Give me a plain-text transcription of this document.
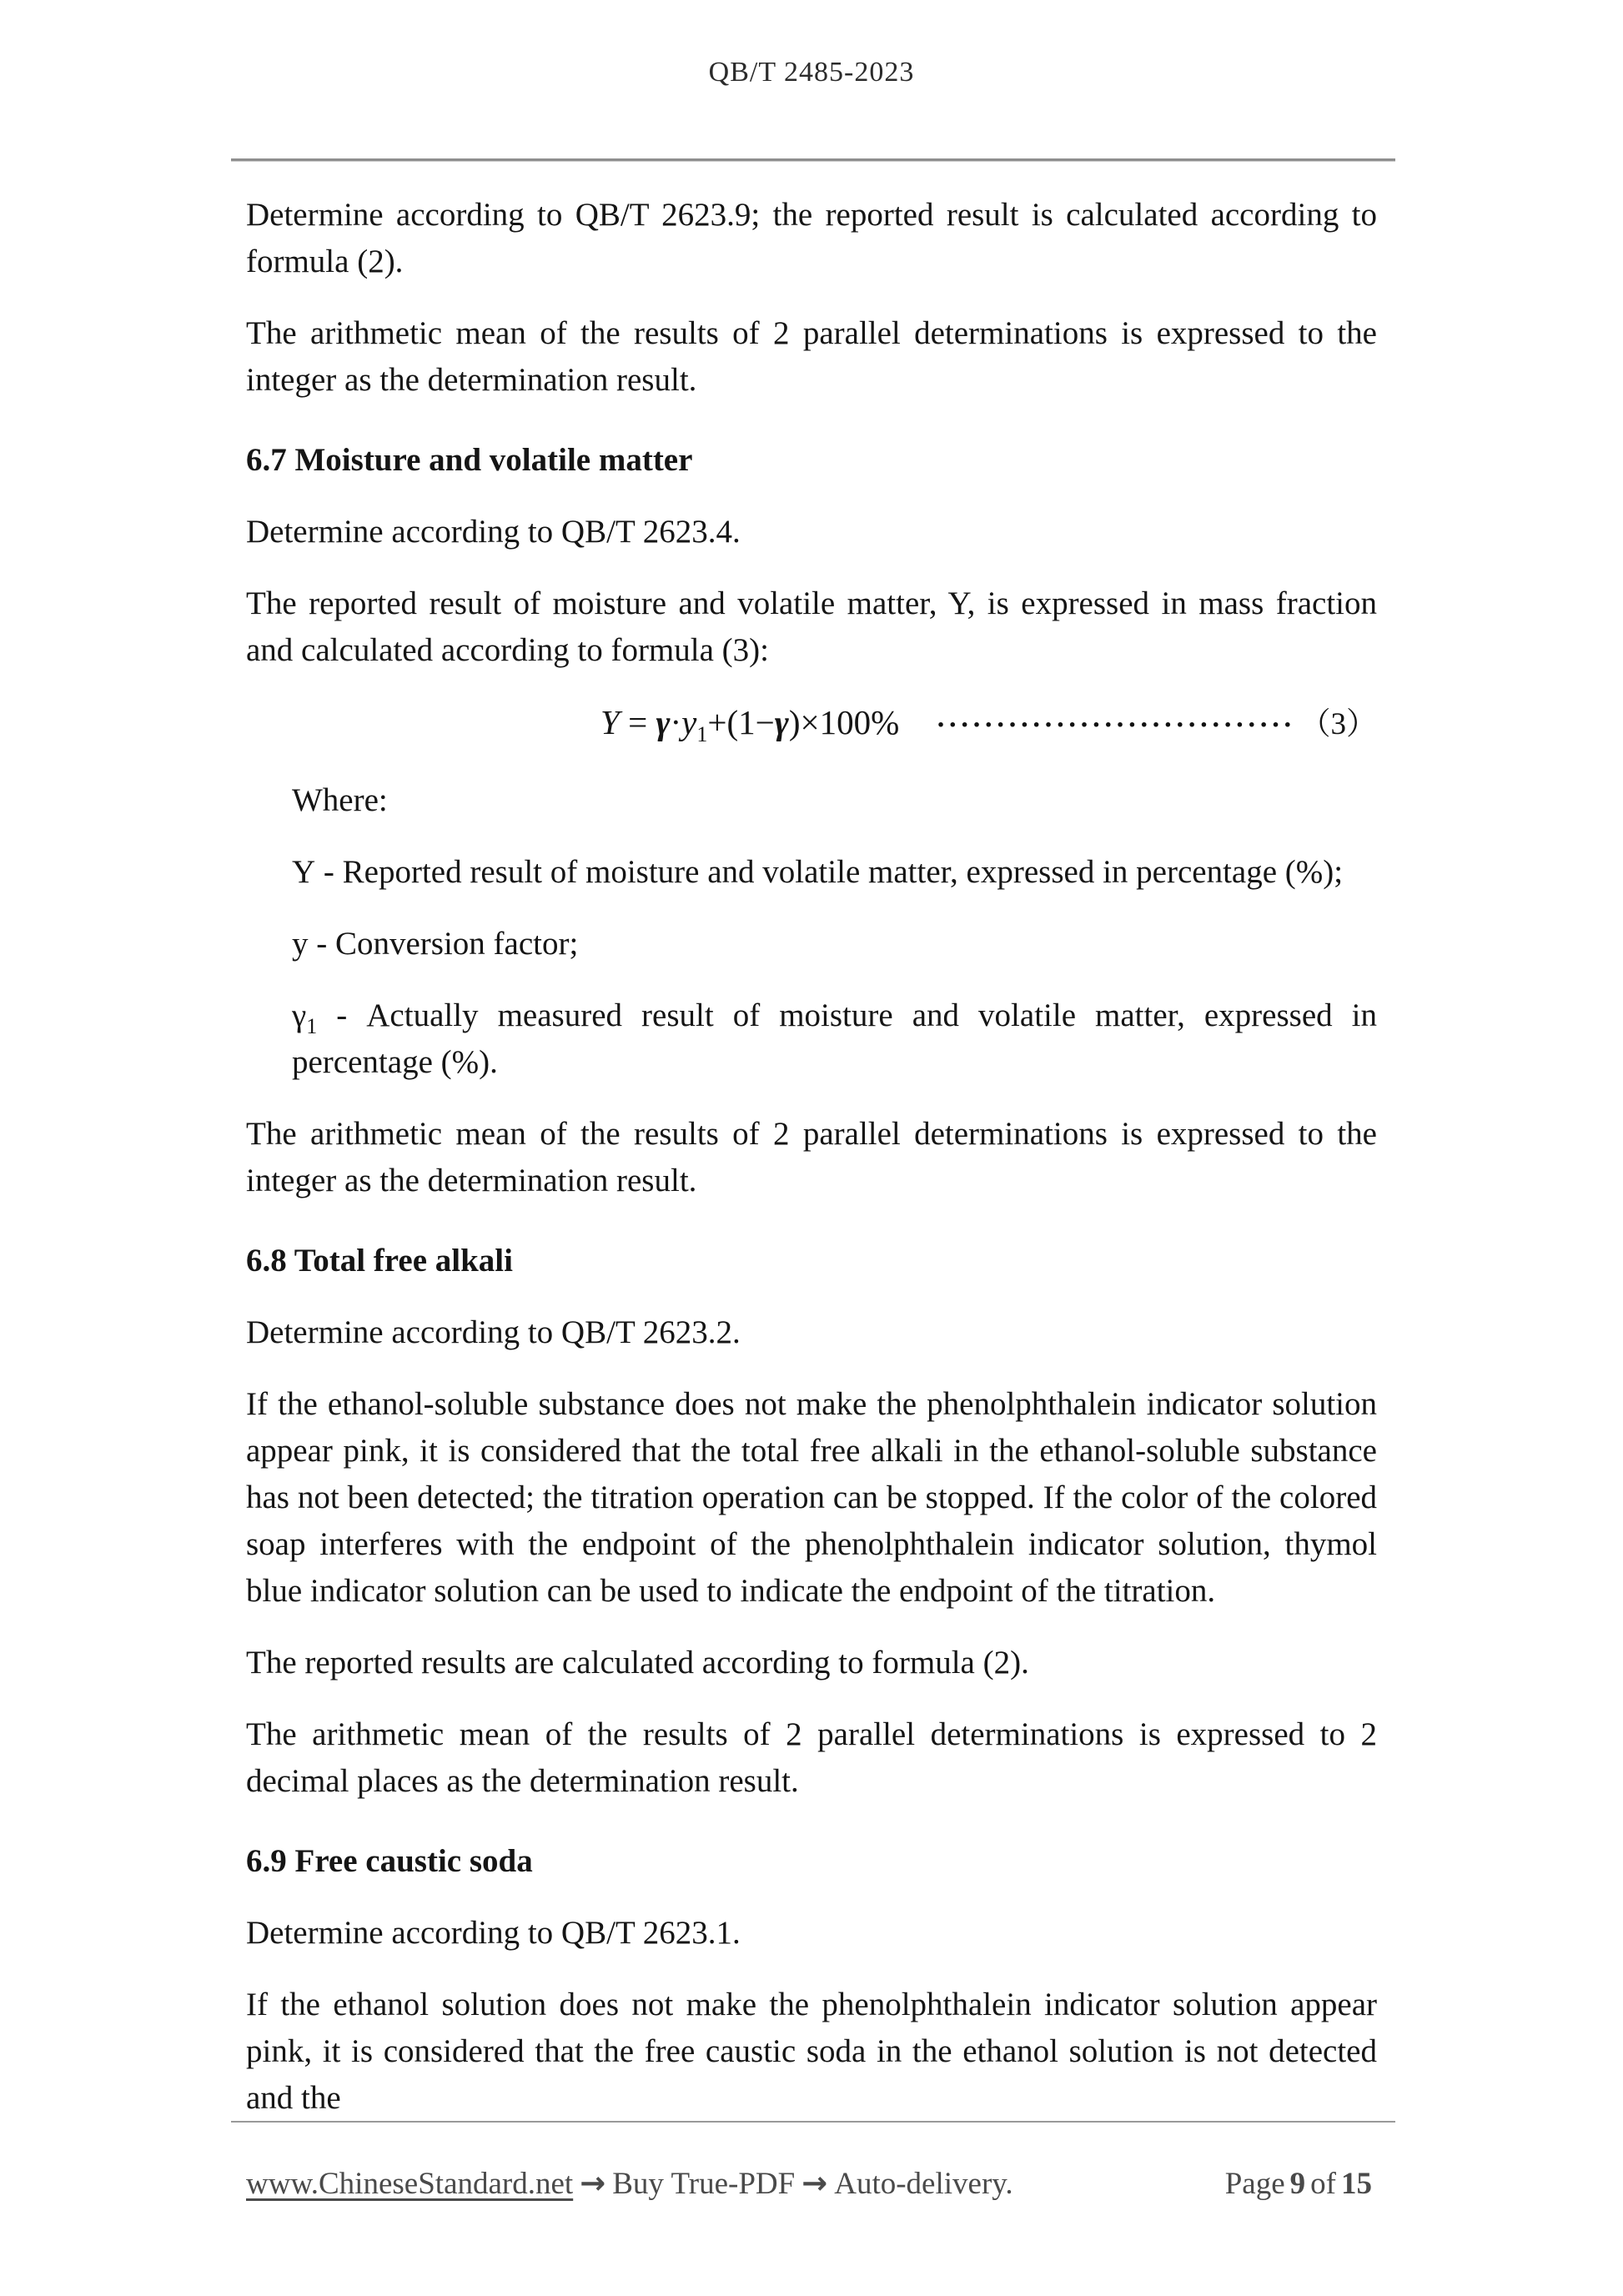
QB/T 2485-2023

Determine according to QB/T 2623.9; the reported result is calculated according to formula (2).

The arithmetic mean of the results of 2 parallel determinations is expressed to the integer as the determination result.

6.7 Moisture and volatile matter

Determine according to QB/T 2623.4.

The reported result of moisture and volatile matter, Y, is expressed in mass fraction and calculated according to formula (3):

$Y = \gamma\cdot y_1+(1-\gamma)\times 100\%$ ······························ （3）

Where:

Y - Reported result of moisture and volatile matter, expressed in percentage (%);

y - Conversion factor;

$\gamma_1$ - Actually measured result of moisture and volatile matter, expressed in percentage (%).

The arithmetic mean of the results of 2 parallel determinations is expressed to the integer as the determination result.

6.8 Total free alkali

Determine according to QB/T 2623.2.

If the ethanol-soluble substance does not make the phenolphthalein indicator solution appear pink, it is considered that the total free alkali in the ethanol-soluble substance has not been detected; the titration operation can be stopped. If the color of the colored soap interferes with the endpoint of the phenolphthalein indicator solution, thymol blue indicator solution can be used to indicate the endpoint of the titration.

The reported results are calculated according to formula (2).

The arithmetic mean of the results of 2 parallel determinations is expressed to 2 decimal places as the determination result.

6.9 Free caustic soda

Determine according to QB/T 2623.1.

If the ethanol solution does not make the phenolphthalein indicator solution appear pink, it is considered that the free caustic soda in the ethanol solution is not detected and the

www.ChineseStandard.net → Buy True-PDF → Auto-delivery.	Page 9 of 15
